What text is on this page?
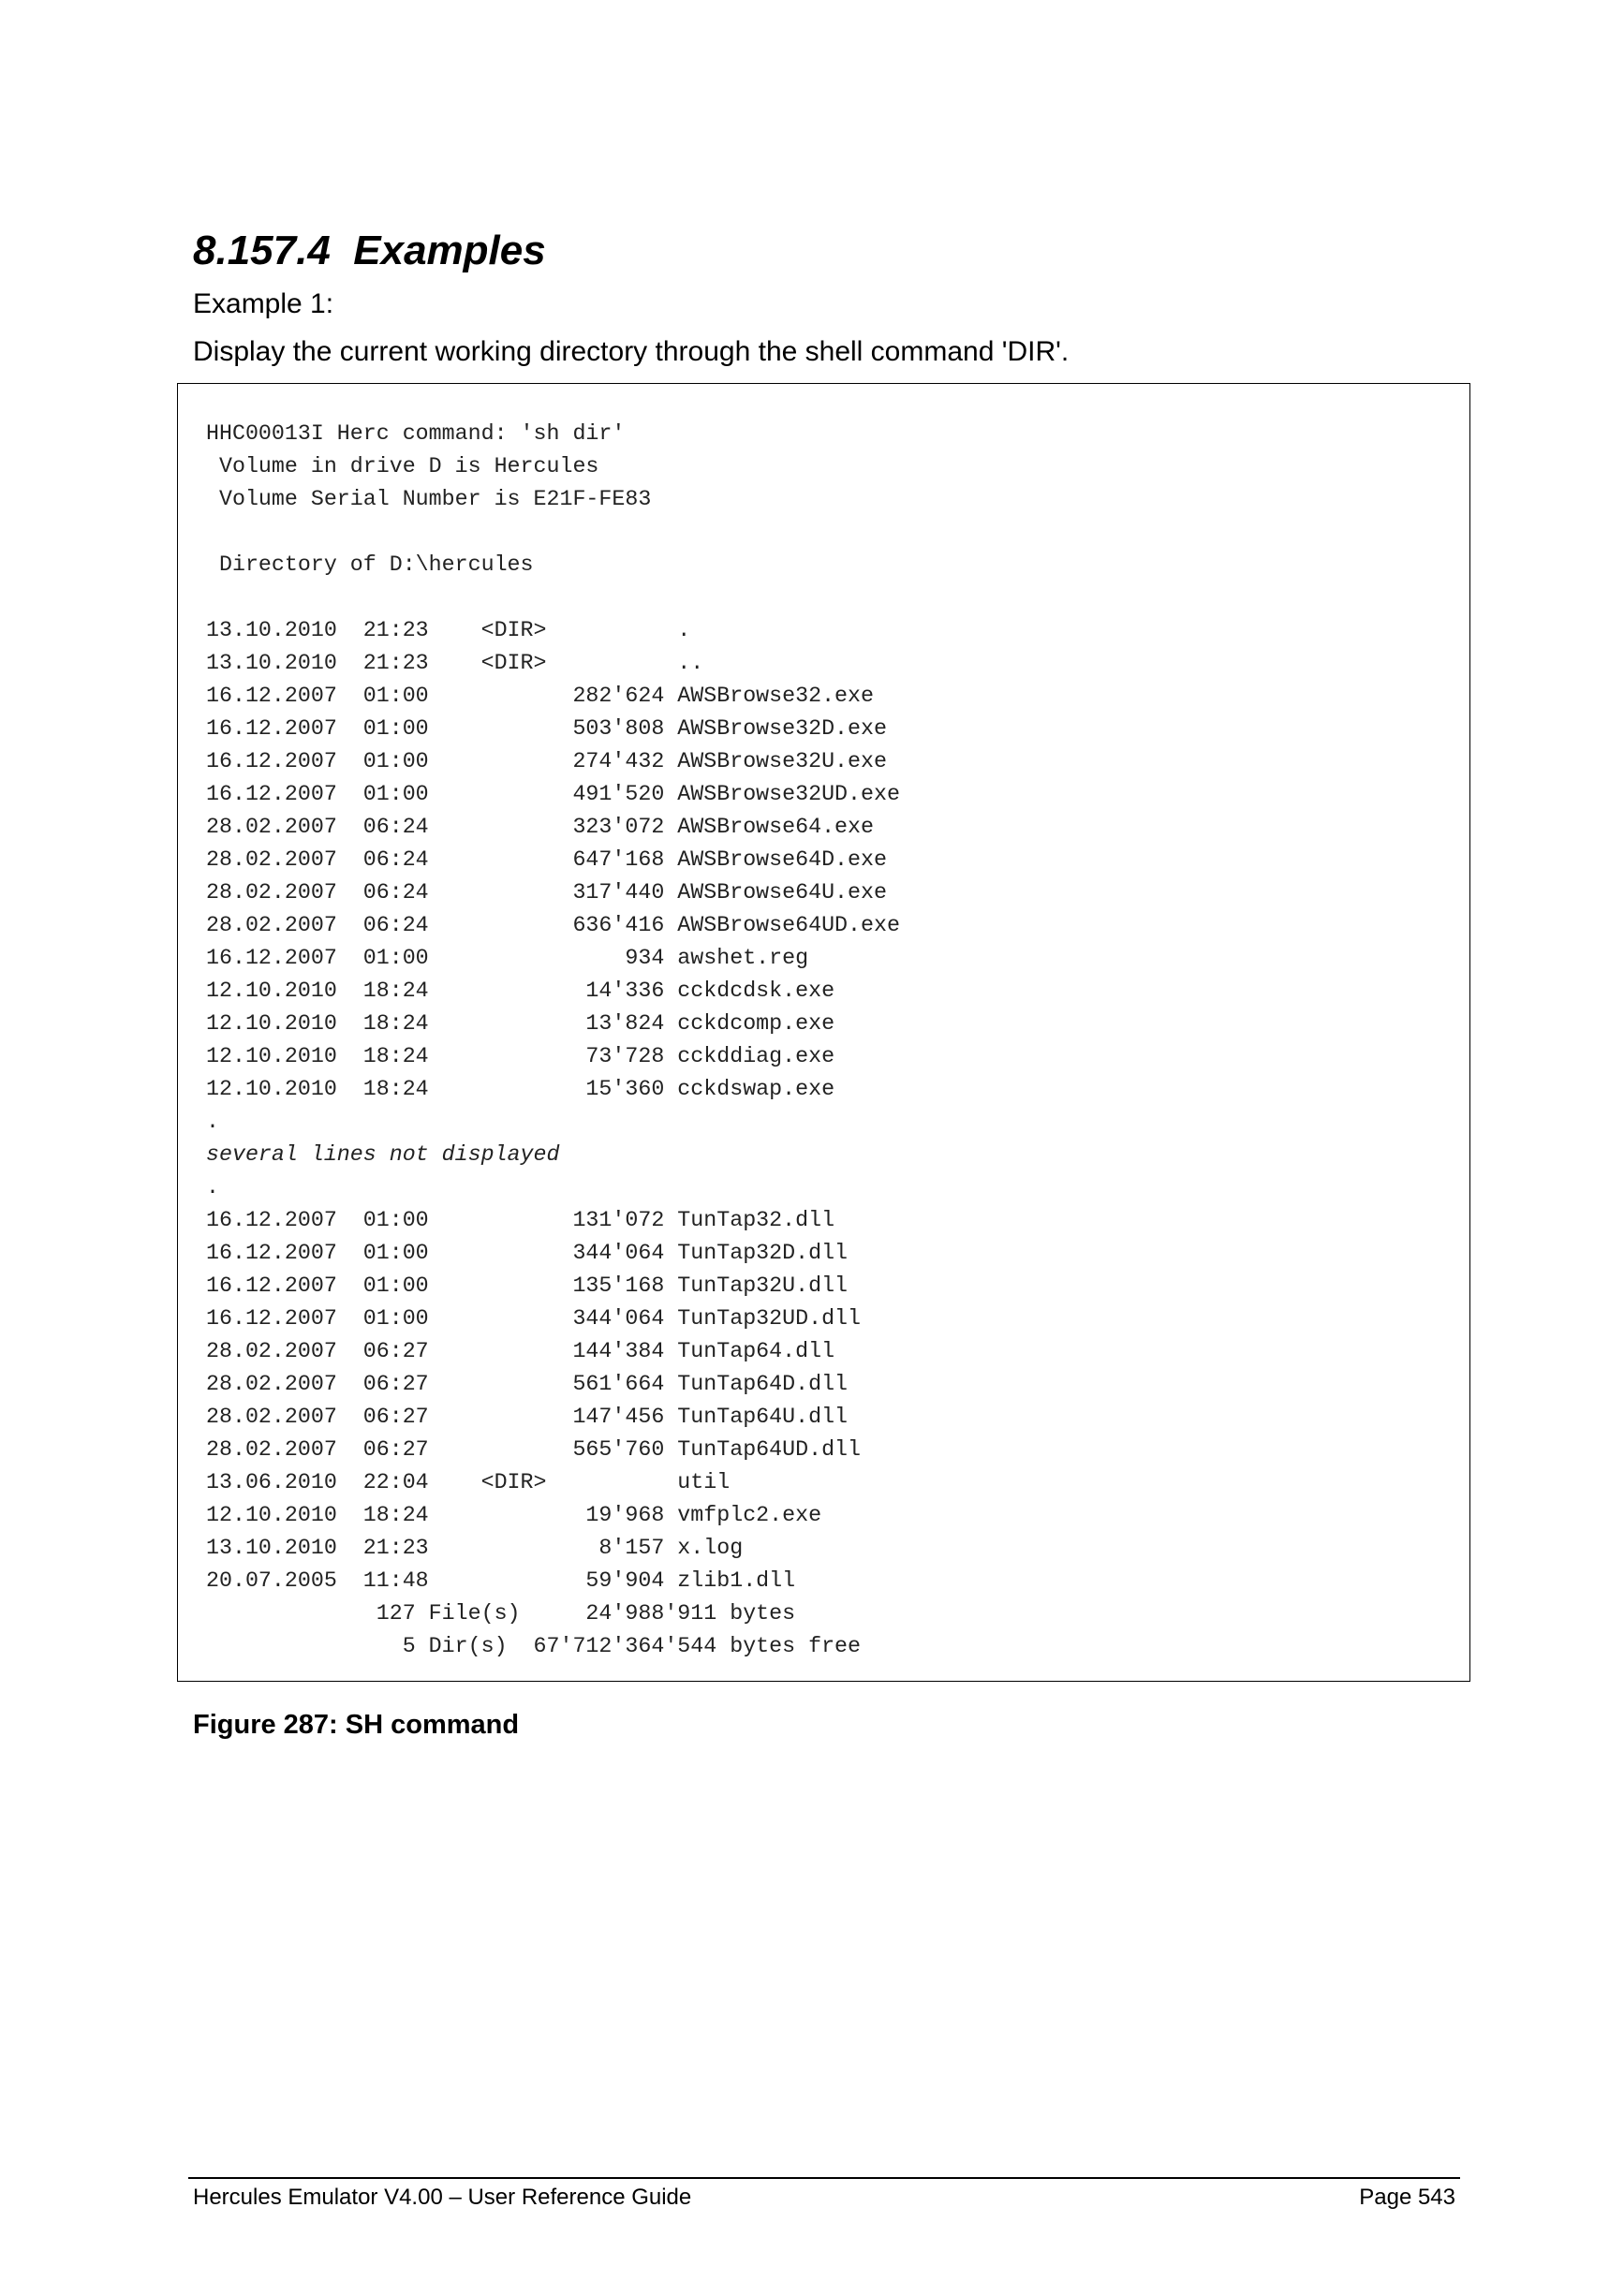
8.157.4  Examples

Example 1:

Display the current working directory through the shell command 'DIR'.

HHC00013I Herc command: 'sh dir'
Volume in drive D is Hercules
Volume Serial Number is E21F-FE83
Directory of D:\hercules
13.10.2010  21:23    <DIR>          .
13.10.2010  21:23    <DIR>          ..
16.12.2007  01:00           282'624 AWSBrowse32.exe
16.12.2007  01:00           503'808 AWSBrowse32D.exe
16.12.2007  01:00           274'432 AWSBrowse32U.exe
16.12.2007  01:00           491'520 AWSBrowse32UD.exe
28.02.2007  06:24           323'072 AWSBrowse64.exe
28.02.2007  06:24           647'168 AWSBrowse64D.exe
28.02.2007  06:24           317'440 AWSBrowse64U.exe
28.02.2007  06:24           636'416 AWSBrowse64UD.exe
16.12.2007  01:00               934 awshet.reg
12.10.2010  18:24            14'336 cckdcdsk.exe
12.10.2010  18:24            13'824 cckdcomp.exe
12.10.2010  18:24            73'728 cckddiag.exe
12.10.2010  18:24            15'360 cckdswap.exe
.
several lines not displayed
.
16.12.2007  01:00           131'072 TunTap32.dll
16.12.2007  01:00           344'064 TunTap32D.dll
16.12.2007  01:00           135'168 TunTap32U.dll
16.12.2007  01:00           344'064 TunTap32UD.dll
28.02.2007  06:27           144'384 TunTap64.dll
28.02.2007  06:27           561'664 TunTap64D.dll
28.02.2007  06:27           147'456 TunTap64U.dll
28.02.2007  06:27           565'760 TunTap64UD.dll
13.06.2010  22:04    <DIR>          util
12.10.2010  18:24            19'968 vmfplc2.exe
13.10.2010  21:23             8'157 x.log
20.07.2005  11:48            59'904 zlib1.dll
127 File(s)     24'988'911 bytes
5 Dir(s)  67'712'364'544 bytes free

Figure 287: SH command

Hercules Emulator V4.00 – User Reference Guide	Page 543
